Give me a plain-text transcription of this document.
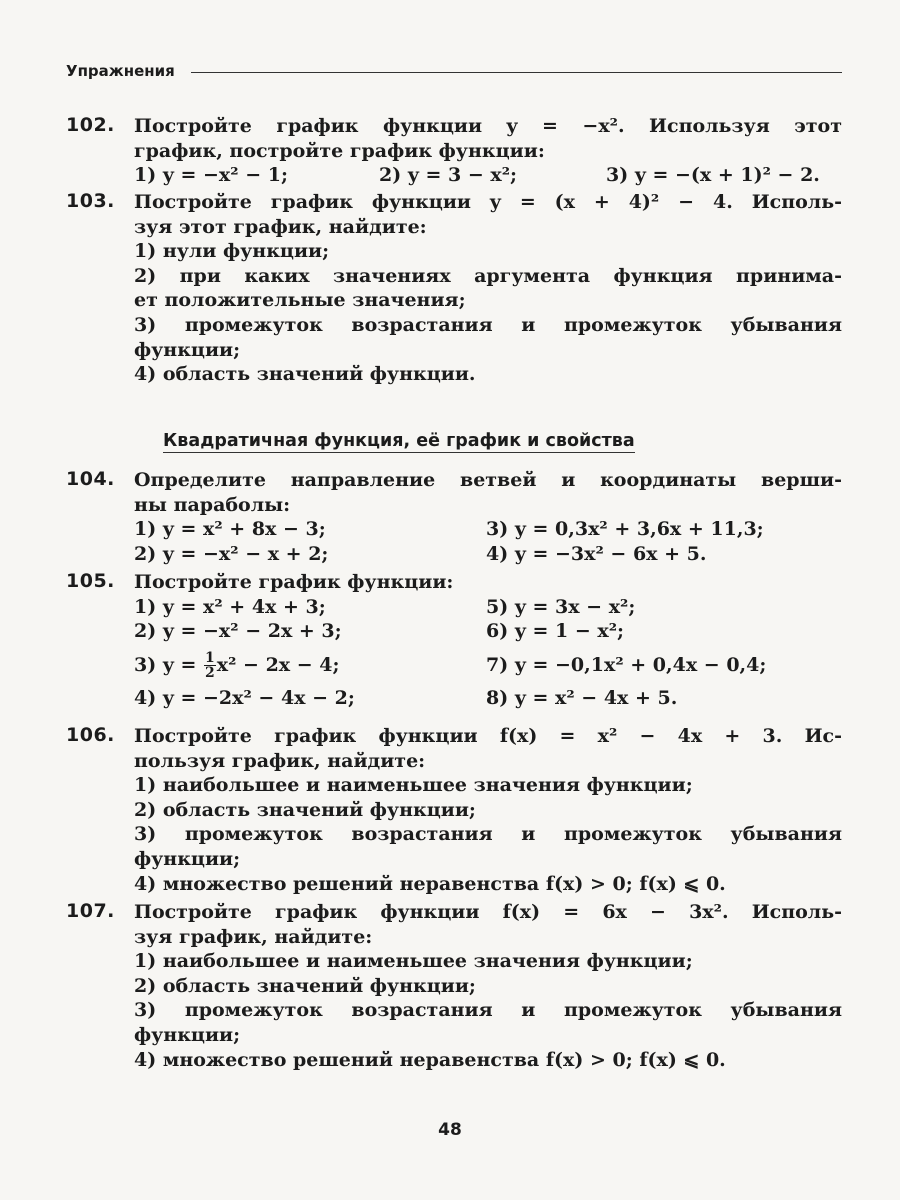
Упражнения
102. Постройте график функции y = −x². Используя этот
график, постройте график функции:
1) y = −x² − 1;	2) y = 3 − x²;	3) y = −(x + 1)² − 2.
103. Постройте график функции y = (x + 4)² − 4. Исполь-
зуя этот график, найдите:
1) нули функции;
2) при каких значениях аргумента функция принима-
ет положительные значения;
3) промежуток возрастания и промежуток убывания
функции;
4) область значений функции.
Квадратичная функция, её график и свойства
104. Определите направление ветвей и координаты верши-
ны параболы:
1) y = x² + 8x − 3;	3) y = 0,3x² + 3,6x + 11,3;
2) y = −x² − x + 2;	4) y = −3x² − 6x + 5.
105. Постройте график функции:
1) y = x² + 4x + 3;	5) y = 3x − x²;
2) y = −x² − 2x + 3;	6) y = 1 − x²;
3) $y = \frac{1}{2} x^2 - 2x - 4$;	7) y = −0,1x² + 0,4x − 0,4;
4) y = −2x² − 4x − 2;	8) y = x² − 4x + 5.
106. Постройте график функции f(x) = x² − 4x + 3. Ис-
пользуя график, найдите:
1) наибольшее и наименьшее значения функции;
2) область значений функции;
3) промежуток возрастания и промежуток убывания
функции;
4) множество решений неравенства f(x) > 0; f(x) ⩽ 0.
107. Постройте график функции f(x) = 6x − 3x². Исполь-
зуя график, найдите:
1) наибольшее и наименьшее значения функции;
2) область значений функции;
3) промежуток возрастания и промежуток убывания
функции;
4) множество решений неравенства f(x) > 0; f(x) ⩽ 0.
48
